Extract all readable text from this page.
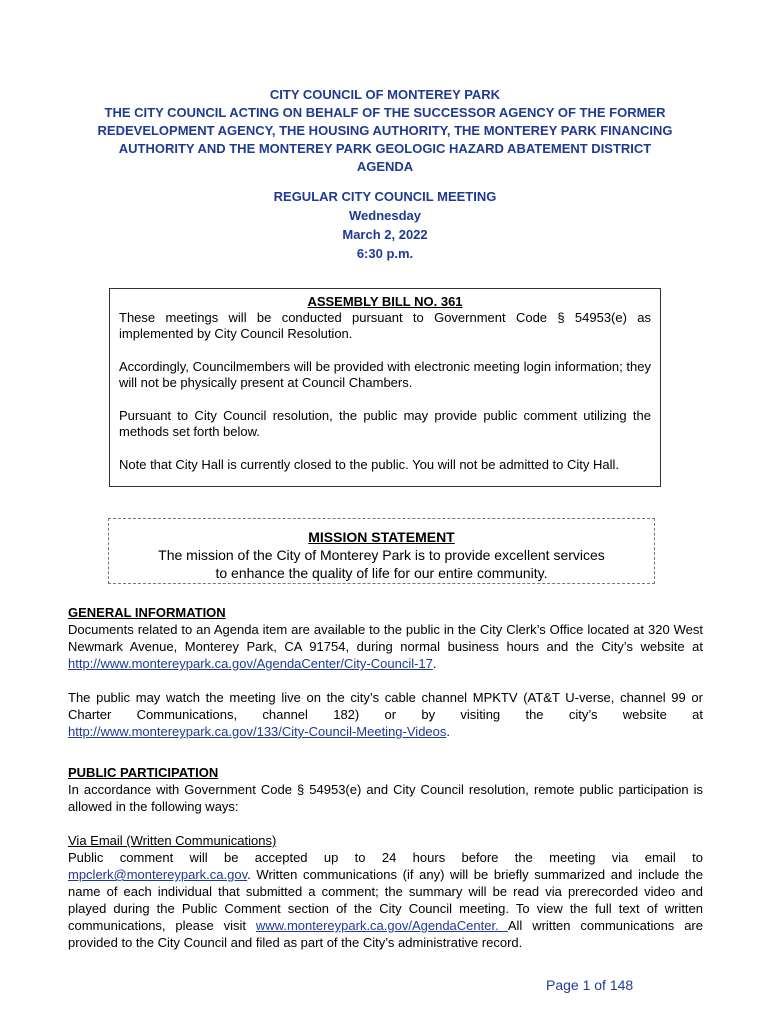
CITY COUNCIL OF MONTEREY PARK
THE CITY COUNCIL ACTING ON BEHALF OF THE SUCCESSOR AGENCY OF THE FORMER
REDEVELOPMENT AGENCY, THE HOUSING AUTHORITY, THE MONTEREY PARK FINANCING
AUTHORITY AND THE MONTEREY PARK GEOLOGIC HAZARD ABATEMENT DISTRICT
AGENDA
REGULAR CITY COUNCIL MEETING
Wednesday
March 2, 2022
6:30 p.m.
ASSEMBLY BILL NO. 361

These meetings will be conducted pursuant to Government Code § 54953(e) as implemented by City Council Resolution.

Accordingly, Councilmembers will be provided with electronic meeting login information; they will not be physically present at Council Chambers.

Pursuant to City Council resolution, the public may provide public comment utilizing the methods set forth below.

Note that City Hall is currently closed to the public. You will not be admitted to City Hall.

MISSION STATEMENT
The mission of the City of Monterey Park is to provide excellent services
to enhance the quality of life for our entire community.
GENERAL INFORMATION

Documents related to an Agenda item are available to the public in the City Clerk’s Office located at 320 West Newmark Avenue, Monterey Park, CA 91754, during normal business hours and the City’s website at http://www.montereypark.ca.gov/AgendaCenter/City-Council-17.

The public may watch the meeting live on the city’s cable channel MPKTV (AT&T U-verse, channel 99 or Charter Communications, channel 182) or by visiting the city’s website at http://www.montereypark.ca.gov/133/City-Council-Meeting-Videos.

PUBLIC PARTICIPATION

In accordance with Government Code § 54953(e) and City Council resolution, remote public participation is allowed in the following ways:

Via Email (Written Communications)

Public comment will be accepted up to 24 hours before the meeting via email to mpclerk@montereypark.ca.gov. Written communications (if any) will be briefly summarized and include the name of each individual that submitted a comment; the summary will be read via prerecorded video and played during the Public Comment section of the City Council meeting. To view the full text of written communications, please visit www.montereypark.ca.gov/AgendaCenter. All written communications are provided to the City Council and filed as part of the City’s administrative record.

Page 1 of 148
